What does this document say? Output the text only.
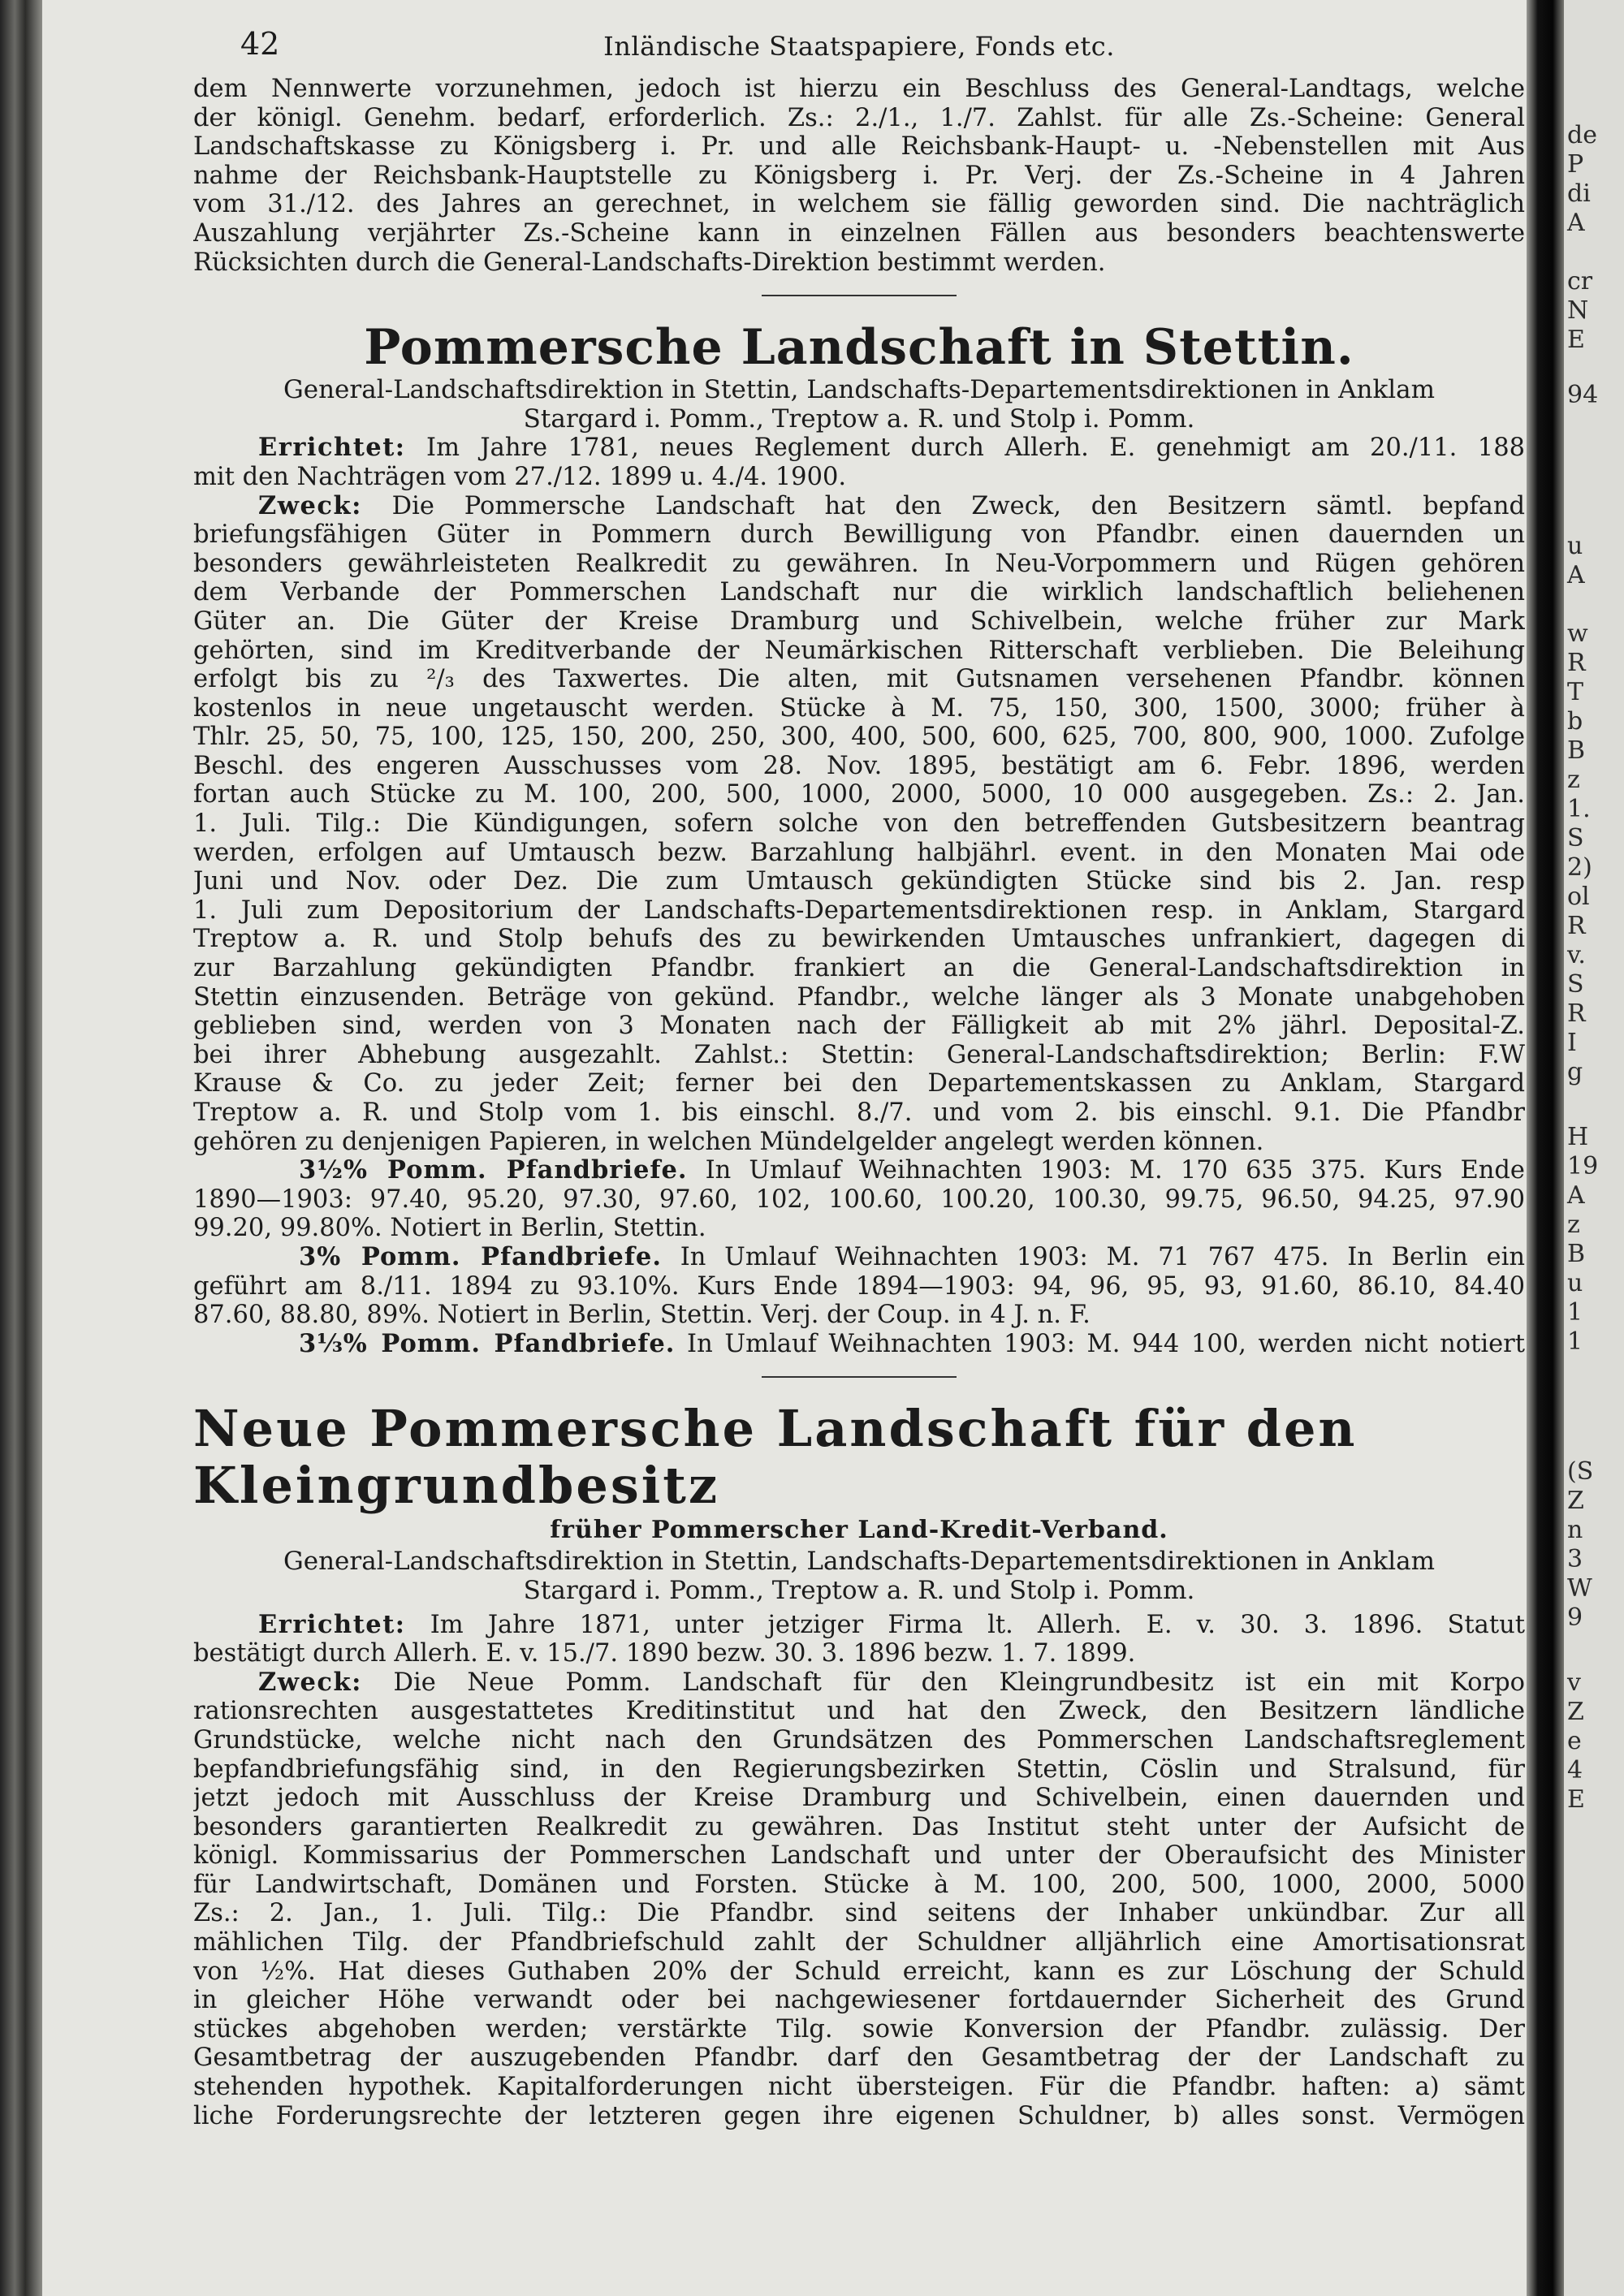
42	Inländische Staatspapiere, Fonds etc.

dem Nennwerte vorzunehmen, jedoch ist hierzu ein Beschluss des General-Landtags, welche
der königl. Genehm. bedarf, erforderlich. Zs.: 2./1., 1./7. Zahlst. für alle Zs.-Scheine: General
Landschaftskasse zu Königsberg i. Pr. und alle Reichsbank-Haupt- u. -Nebenstellen mit Aus
nahme der Reichsbank-Hauptstelle zu Königsberg i. Pr. Verj. der Zs.-Scheine in 4 Jahren
vom 31./12. des Jahres an gerechnet, in welchem sie fällig geworden sind. Die nachträglich
Auszahlung verjährter Zs.-Scheine kann in einzelnen Fällen aus besonders beachtenswerte
Rücksichten durch die General-Landschafts-Direktion bestimmt werden.

Pommersche Landschaft in Stettin.
General-Landschaftsdirektion in Stettin, Landschafts-Departementsdirektionen in Anklam
Stargard i. Pomm., Treptow a. R. und Stolp i. Pomm.

Errichtet: Im Jahre 1781, neues Reglement durch Allerh. E. genehmigt am 20./11. 188
mit den Nachträgen vom 27./12. 1899 u. 4./4. 1900.

Zweck: Die Pommersche Landschaft hat den Zweck, den Besitzern sämtl. bepfand
briefungsfähigen Güter in Pommern durch Bewilligung von Pfandbr. einen dauernden un
besonders gewährleisteten Realkredit zu gewähren. In Neu-Vorpommern und Rügen gehören
dem Verbande der Pommerschen Landschaft nur die wirklich landschaftlich beliehenen
Güter an. Die Güter der Kreise Dramburg und Schivelbein, welche früher zur Mark
gehörten, sind im Kreditverbande der Neumärkischen Ritterschaft verblieben. Die Beleihung
erfolgt bis zu ²/₃ des Taxwertes. Die alten, mit Gutsnamen versehenen Pfandbr. können
kostenlos in neue ungetauscht werden. Stücke à M. 75, 150, 300, 1500, 3000; früher à
Thlr. 25, 50, 75, 100, 125, 150, 200, 250, 300, 400, 500, 600, 625, 700, 800, 900, 1000. Zufolge
Beschl. des engeren Ausschusses vom 28. Nov. 1895, bestätigt am 6. Febr. 1896, werden
fortan auch Stücke zu M. 100, 200, 500, 1000, 2000, 5000, 10 000 ausgegeben. Zs.: 2. Jan.
1. Juli. Tilg.: Die Kündigungen, sofern solche von den betreffenden Gutsbesitzern beantrag
werden, erfolgen auf Umtausch bezw. Barzahlung halbjährl. event. in den Monaten Mai ode
Juni und Nov. oder Dez. Die zum Umtausch gekündigten Stücke sind bis 2. Jan. resp
1. Juli zum Depositorium der Landschafts-Departementsdirektionen resp. in Anklam, Stargard
Treptow a. R. und Stolp behufs des zu bewirkenden Umtausches unfrankiert, dagegen di
zur Barzahlung gekündigten Pfandbr. frankiert an die General-Landschaftsdirektion in
Stettin einzusenden. Beträge von gekünd. Pfandbr., welche länger als 3 Monate unabgehoben
geblieben sind, werden von 3 Monaten nach der Fälligkeit ab mit 2% jährl. Deposital-Z.
bei ihrer Abhebung ausgezahlt. Zahlst.: Stettin: General-Landschaftsdirektion; Berlin: F.W
Krause & Co. zu jeder Zeit; ferner bei den Departementskassen zu Anklam, Stargard
Treptow a. R. und Stolp vom 1. bis einschl. 8./7. und vom 2. bis einschl. 9.1. Die Pfandbr
gehören zu denjenigen Papieren, in welchen Mündelgelder angelegt werden können.

3½% Pomm. Pfandbriefe. In Umlauf Weihnachten 1903: M. 170 635 375. Kurs Ende
1890—1903: 97.40, 95.20, 97.30, 97.60, 102, 100.60, 100.20, 100.30, 99.75, 96.50, 94.25, 97.90
99.20, 99.80%. Notiert in Berlin, Stettin.

3% Pomm. Pfandbriefe. In Umlauf Weihnachten 1903: M. 71 767 475. In Berlin ein
geführt am 8./11. 1894 zu 93.10%. Kurs Ende 1894—1903: 94, 96, 95, 93, 91.60, 86.10, 84.40
87.60, 88.80, 89%. Notiert in Berlin, Stettin. Verj. der Coup. in 4 J. n. F.

3⅓% Pomm. Pfandbriefe. In Umlauf Weihnachten 1903: M. 944 100, werden nicht notiert

Neue Pommersche Landschaft für den Kleingrundbesitz
früher Pommerscher Land-Kredit-Verband.
General-Landschaftsdirektion in Stettin, Landschafts-Departementsdirektionen in Anklam
Stargard i. Pomm., Treptow a. R. und Stolp i. Pomm.

Errichtet: Im Jahre 1871, unter jetziger Firma lt. Allerh. E. v. 30. 3. 1896. Statut
bestätigt durch Allerh. E. v. 15./7. 1890 bezw. 30. 3. 1896 bezw. 1. 7. 1899.

Zweck: Die Neue Pomm. Landschaft für den Kleingrundbesitz ist ein mit Korpo
rationsrechten ausgestattetes Kreditinstitut und hat den Zweck, den Besitzern ländliche
Grundstücke, welche nicht nach den Grundsätzen des Pommerschen Landschaftsreglement
bepfandbriefungsfähig sind, in den Regierungsbezirken Stettin, Cöslin und Stralsund, für
jetzt jedoch mit Ausschluss der Kreise Dramburg und Schivelbein, einen dauernden und
besonders garantierten Realkredit zu gewähren. Das Institut steht unter der Aufsicht de
königl. Kommissarius der Pommerschen Landschaft und unter der Oberaufsicht des Minister
für Landwirtschaft, Domänen und Forsten. Stücke à M. 100, 200, 500, 1000, 2000, 5000
Zs.: 2. Jan., 1. Juli. Tilg.: Die Pfandbr. sind seitens der Inhaber unkündbar. Zur all
mählichen Tilg. der Pfandbriefschuld zahlt der Schuldner alljährlich eine Amortisationsrat
von ½%. Hat dieses Guthaben 20% der Schuld erreicht, kann es zur Löschung der Schuld
in gleicher Höhe verwandt oder bei nachgewiesener fortdauernder Sicherheit des Grund
stückes abgehoben werden; verstärkte Tilg. sowie Konversion der Pfandbr. zulässig. Der
Gesamtbetrag der auszugebenden Pfandbr. darf den Gesamtbetrag der der Landschaft zu
stehenden hypothek. Kapitalforderungen nicht übersteigen. Für die Pfandbr. haften: a) sämt
liche Forderungsrechte der letzteren gegen ihre eigenen Schuldner, b) alles sonst. Vermögen

de
P
di
A
cr
N
E
94
u
A
w
R
T
b
B
z
1.
S
2)
ol
R
v.
S
R
I
g
H
19
A
z
B
u
1
1
(S
Z
n
3
W
9
v
Z
e
4
E
